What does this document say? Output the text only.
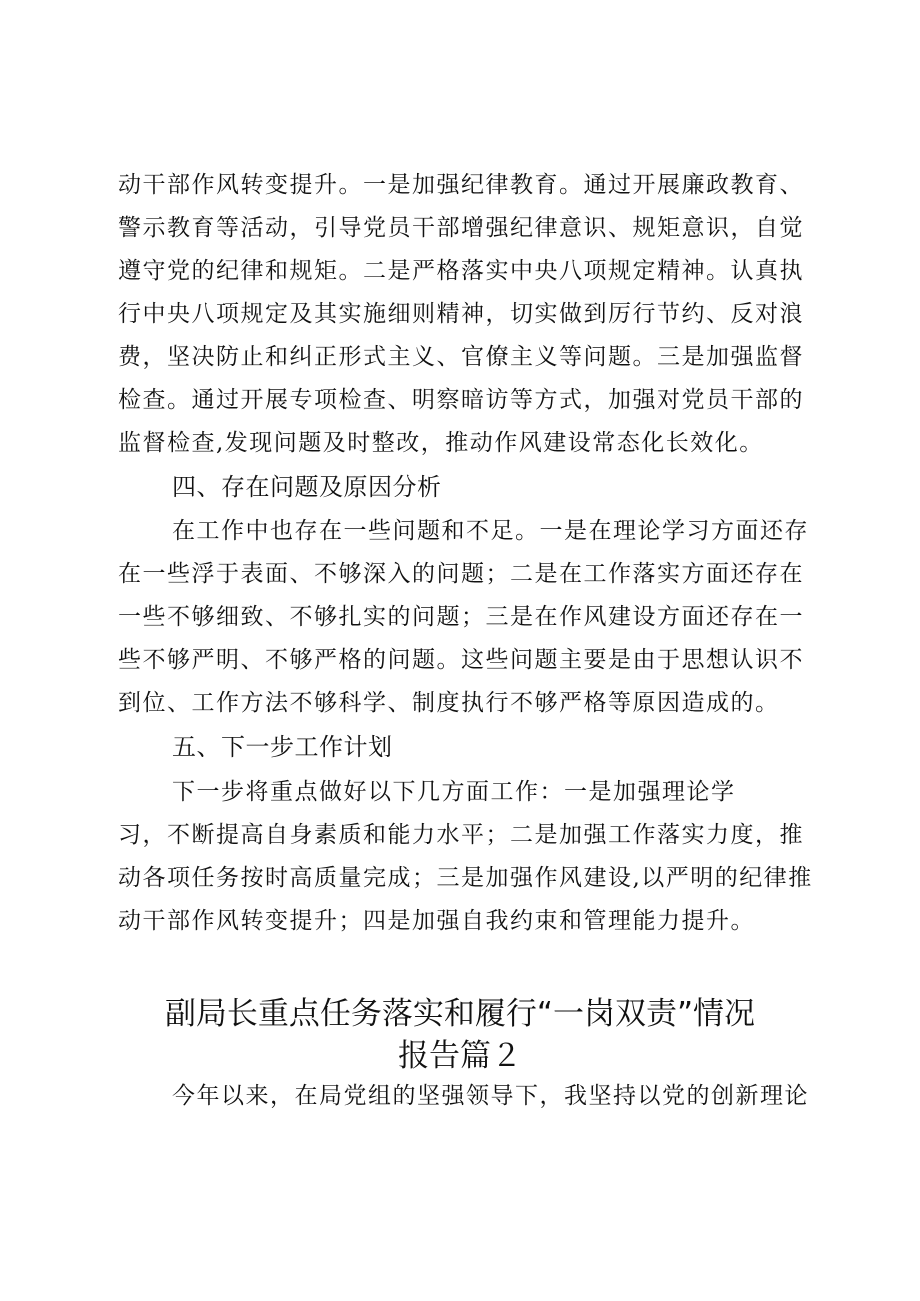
动干部作风转变提升。一是加强纪律教育。通过开展廉政教育、
警示教育等活动，引导党员干部增强纪律意识、规矩意识，自觉
遵守党的纪律和规矩。二是严格落实中央八项规定精神。认真执
行中央八项规定及其实施细则精神，切实做到厉行节约、反对浪
费，坚决防止和纠正形式主义、官僚主义等问题。三是加强监督
检查。通过开展专项检查、明察暗访等方式，加强对党员干部的
监督检查,发现问题及时整改，推动作风建设常态化长效化。
四、存在问题及原因分析
在工作中也存在一些问题和不足。一是在理论学习方面还存
在一些浮于表面、不够深入的问题；二是在工作落实方面还存在
一些不够细致、不够扎实的问题；三是在作风建设方面还存在一
些不够严明、不够严格的问题。这些问题主要是由于思想认识不
到位、工作方法不够科学、制度执行不够严格等原因造成的。
五、下一步工作计划
下一步将重点做好以下几方面工作：一是加强理论学
习，不断提高自身素质和能力水平；二是加强工作落实力度，推
动各项任务按时高质量完成；三是加强作风建设,以严明的纪律推
动干部作风转变提升；四是加强自我约束和管理能力提升。
副局长重点任务落实和履行“一岗双责”情况
报告篇２
今年以来，在局党组的坚强领导下，我坚持以党的创新理论
